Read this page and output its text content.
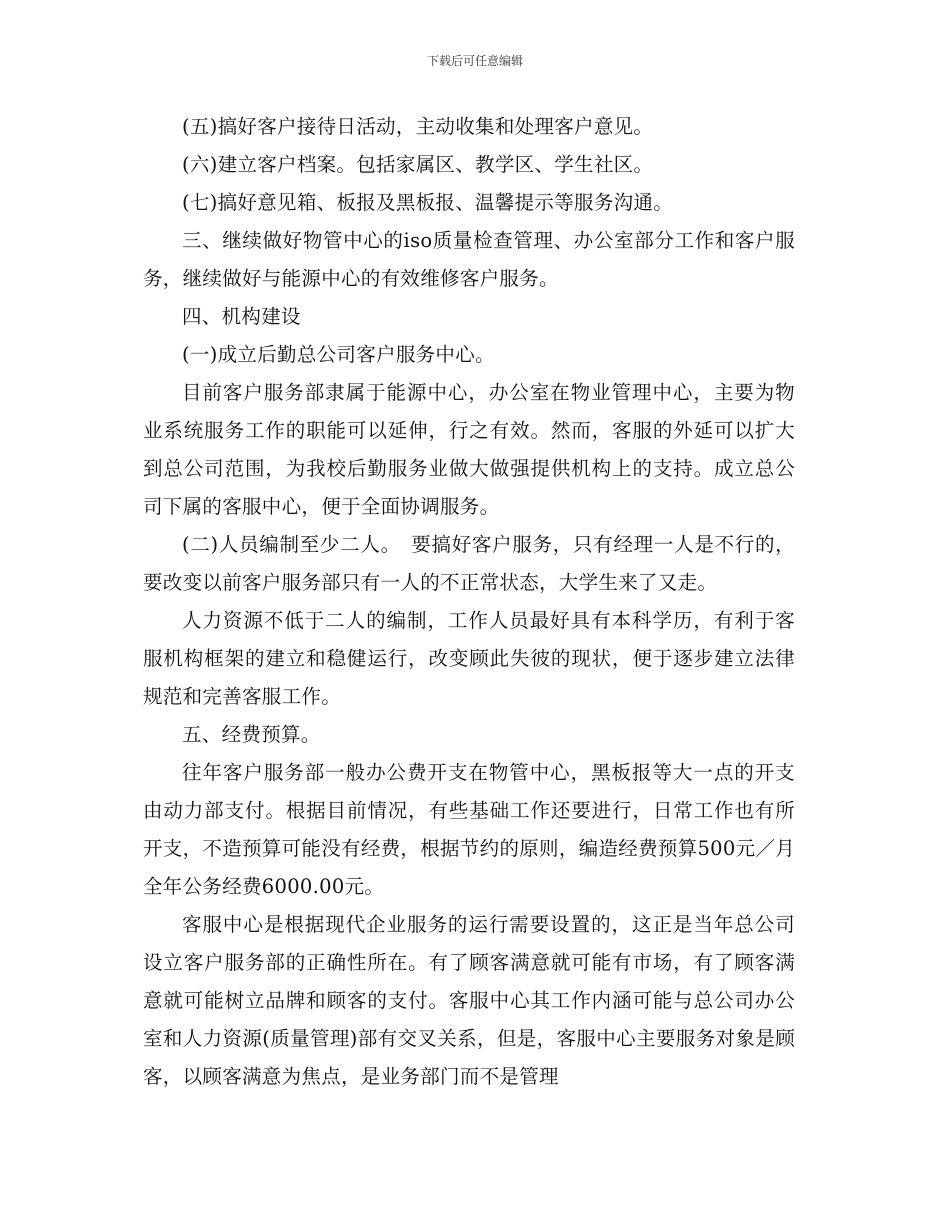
下载后可任意编辑

(五)搞好客户接待日活动，主动收集和处理客户意见。

(六)建立客户档案。包括家属区、教学区、学生社区。

(七)搞好意见箱、板报及黑板报、温馨提示等服务沟通。

三、继续做好物管中心的iso质量检查管理、办公室部分工作和客户服务，继续做好与能源中心的有效维修客户服务。

四、机构建设

(一)成立后勤总公司客户服务中心。

目前客户服务部隶属于能源中心，办公室在物业管理中心，主要为物业系统服务工作的职能可以延伸，行之有效。然而，客服的外延可以扩大到总公司范围，为我校后勤服务业做大做强提供机构上的支持。成立总公司下属的客服中心，便于全面协调服务。

(二)人员编制至少二人。　要搞好客户服务，只有经理一人是不行的，要改变以前客户服务部只有一人的不正常状态，大学生来了又走。

人力资源不低于二人的编制，工作人员最好具有本科学历，有利于客服机构框架的建立和稳健运行，改变顾此失彼的现状，便于逐步建立法律规范和完善客服工作。

五、经费预算。

往年客户服务部一般办公费开支在物管中心，黑板报等大一点的开支由动力部支付。根据目前情况，有些基础工作还要进行，日常工作也有所开支，不造预算可能没有经费，根据节约的原则，编造经费预算500元／月全年公务经费6000.00元。

客服中心是根据现代企业服务的运行需要设置的，这正是当年总公司设立客户服务部的正确性所在。有了顾客满意就可能有市场，有了顾客满意就可能树立品牌和顾客的支付。客服中心其工作内涵可能与总公司办公室和人力资源(质量管理)部有交叉关系，但是，客服中心主要服务对象是顾客，以顾客满意为焦点，是业务部门而不是管理
